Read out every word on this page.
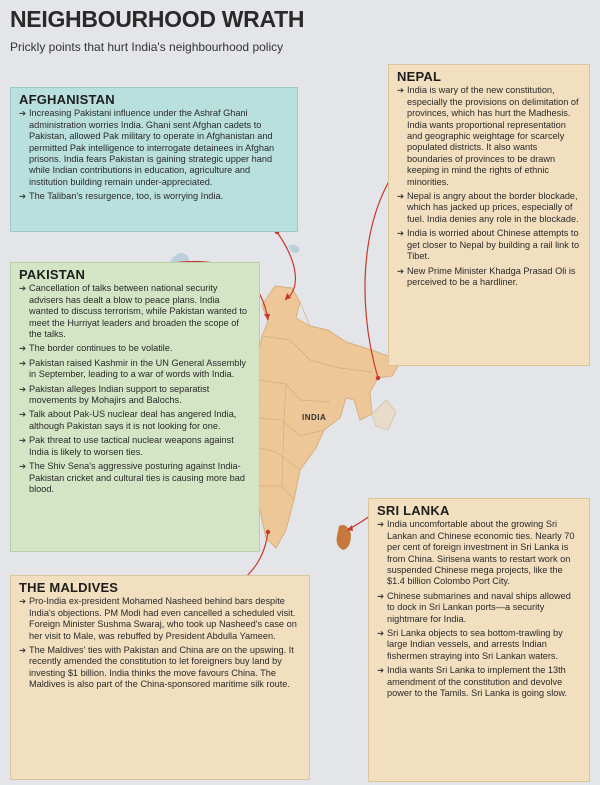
NEIGHBOURHOOD WRATH
Prickly points that hurt India's neighbourhood policy
INDIA
AFGHANISTAN
➔ Increasing Pakistani influence under the Ashraf Ghani administration worries India. Ghani sent Afghan cadets to Pakistan, allowed Pak military to operate in Afghanistan and permitted Pak intelligence to interrogate detainees in Afghan prisons. India fears Pakistan is gaining strategic upper hand while Indian contributions in education, agriculture and institution building remain under-appreciated.
➔ The Taliban's resurgence, too, is worrying India.
NEPAL
➔ India is wary of the new constitution, especially the provisions on delimitation of provinces, which has hurt the Madhesis. India wants proportional representation and geographic weightage for scarcely populated districts. It also wants boundaries of provinces to be drawn keeping in mind the rights of ethnic minorities.
➔ Nepal is angry about the border blockade, which has jacked up prices, especially of fuel. India denies any role in the blockade.
➔ India is worried about Chinese attempts to get closer to Nepal by building a rail link to Tibet.
➔ New Prime Minister Khadga Prasad Oli is perceived to be a hardliner.
PAKISTAN
➔ Cancellation of talks between national security advisers has dealt a blow to peace plans. India wanted to discuss terrorism, while Pakistan wanted to meet the Hurriyat leaders and broaden the scope of the talks.
➔ The border continues to be volatile.
➔ Pakistan raised Kashmir in the UN General Assembly in September, leading to a war of words with India.
➔ Pakistan alleges Indian support to separatist movements by Mohajirs and Balochs.
➔ Talk about Pak-US nuclear deal has angered India, although Pakistan says it is not looking for one.
➔ Pak threat to use tactical nuclear weapons against India is likely to worsen ties.
➔ The Shiv Sena's aggressive posturing against India-Pakistan cricket and cultural ties is causing more bad blood.
THE MALDIVES
➔ Pro-India ex-president Mohamed Nasheed behind bars despite India's objections. PM Modi had even cancelled a scheduled visit. Foreign Minister Sushma Swaraj, who took up Nasheed's case on her visit to Male, was rebuffed by President Abdulla Yameen.
➔ The Maldives' ties with Pakistan and China are on the upswing. It recently amended the constitution to let foreigners buy land by investing $1 billion. India thinks the move favours China. The Maldives is also part of the China-sponsored maritime silk route.
SRI LANKA
➔ India uncomfortable about the growing Sri Lankan and Chinese economic ties. Nearly 70 per cent of foreign investment in Sri Lanka is from China. Sirisena wants to restart work on suspended Chinese mega projects, like the $1.4 billion Colombo Port City.
➔ Chinese submarines and naval ships allowed to dock in Sri Lankan ports—a security nightmare for India.
➔ Sri Lanka objects to sea bottom-trawling by large Indian vessels, and arrests Indian fishermen straying into Sri Lankan waters.
➔ India wants Sri Lanka to implement the 13th amendment of the constitution and devolve power to the Tamils. Sri Lanka is going slow.
